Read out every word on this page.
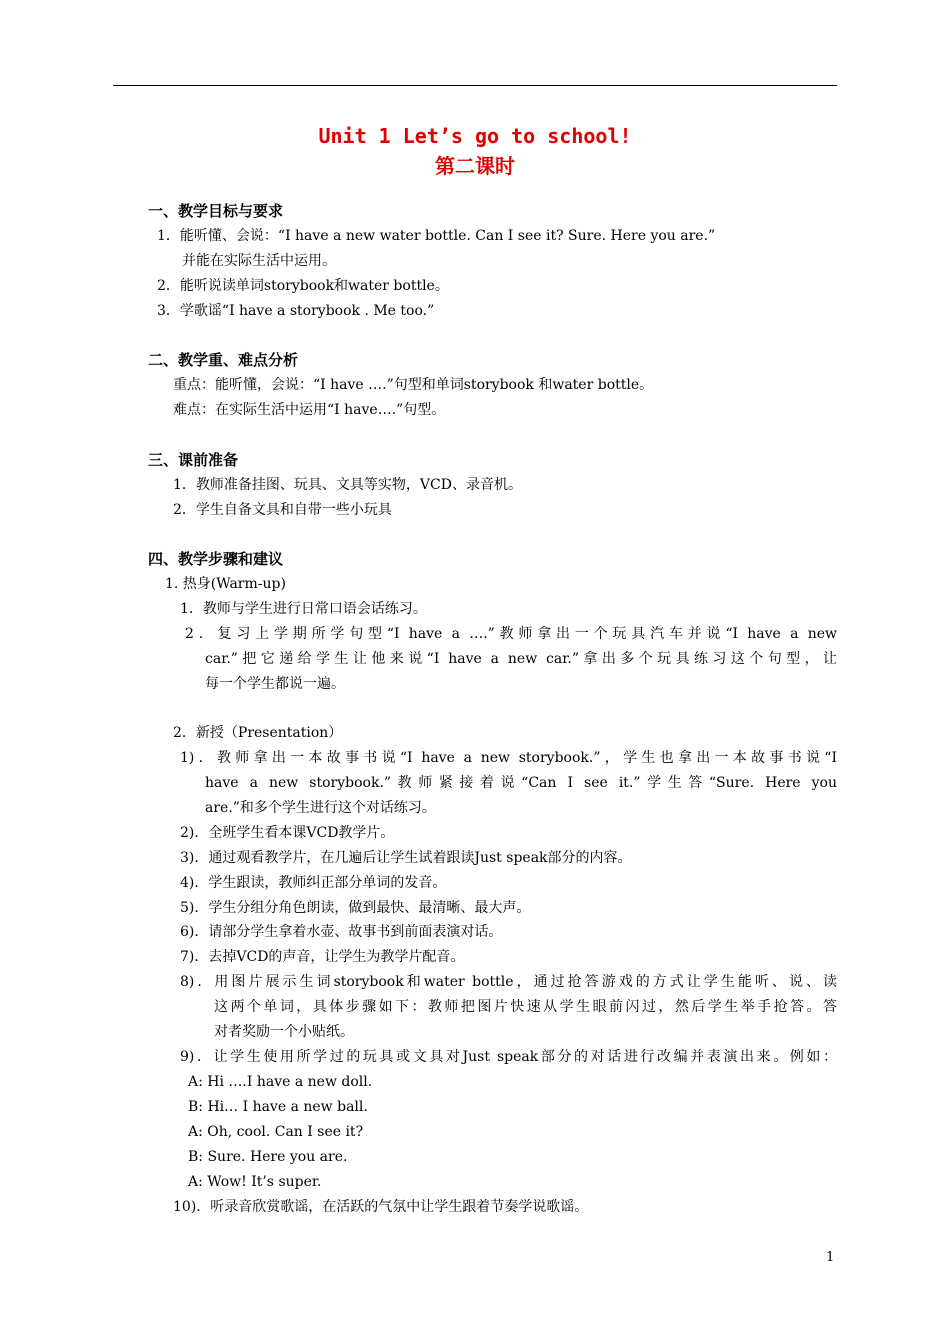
Unit 1 Let’s go to school!
第二课时
一、教学目标与要求
1．能听懂、会说：“I have a new water bottle. Can I see it? Sure. Here you are.”
并能在实际生活中运用。
2．能听说读单词storybook和water bottle。
3．学歌谣“I have a storybook . Me too.”
二、教学重、难点分析
重点：能听懂，会说：“I have ….”句型和单词storybook 和water bottle。
难点：在实际生活中运用“I have….”句型。
三、课前准备
1．教师准备挂图、玩具、文具等实物，VCD、录音机。
2．学生自备文具和自带一些小玩具
四、教学步骤和建议
1. 热身(Warm-up)
1．教师与学生进行日常口语会话练习。
2．复习上学期所学句型“I have a ….”教师拿出一个玩具汽车并说“I have a new
car.”把它递给学生让他来说“I have a new car.”拿出多个玩具练习这个句型，让
每一个学生都说一遍。
2．新授（Presentation）
1)．教师拿出一本故事书说“I have a new storybook.”，学生也拿出一本故事书说“I
have a new storybook.”教师紧接着说“Can I see it.”学生答“Sure. Here you
are.”和多个学生进行这个对话练习。
2)．全班学生看本课VCD教学片。
3)．通过观看教学片，在几遍后让学生试着跟读Just speak部分的内容。
4)．学生跟读，教师纠正部分单词的发音。
5)．学生分组分角色朗读，做到最快、最清晰、最大声。
6)．请部分学生拿着水壶、故事书到前面表演对话。
7)．去掉VCD的声音，让学生为教学片配音。
8)．用图片展示生词storybook和water bottle，通过抢答游戏的方式让学生能听、说、读
这两个单词，具体步骤如下：教师把图片快速从学生眼前闪过，然后学生举手抢答。答
对者奖励一个小贴纸。
9)．让学生使用所学过的玩具或文具对Just speak部分的对话进行改编并表演出来。例如：
A: Hi ….I have a new doll.
B: Hi… I have a new ball.
A: Oh, cool. Can I see it?
B: Sure. Here you are.
A: Wow! It’s super.
10)．听录音欣赏歌谣，在活跃的气氛中让学生跟着节奏学说歌谣。
1
